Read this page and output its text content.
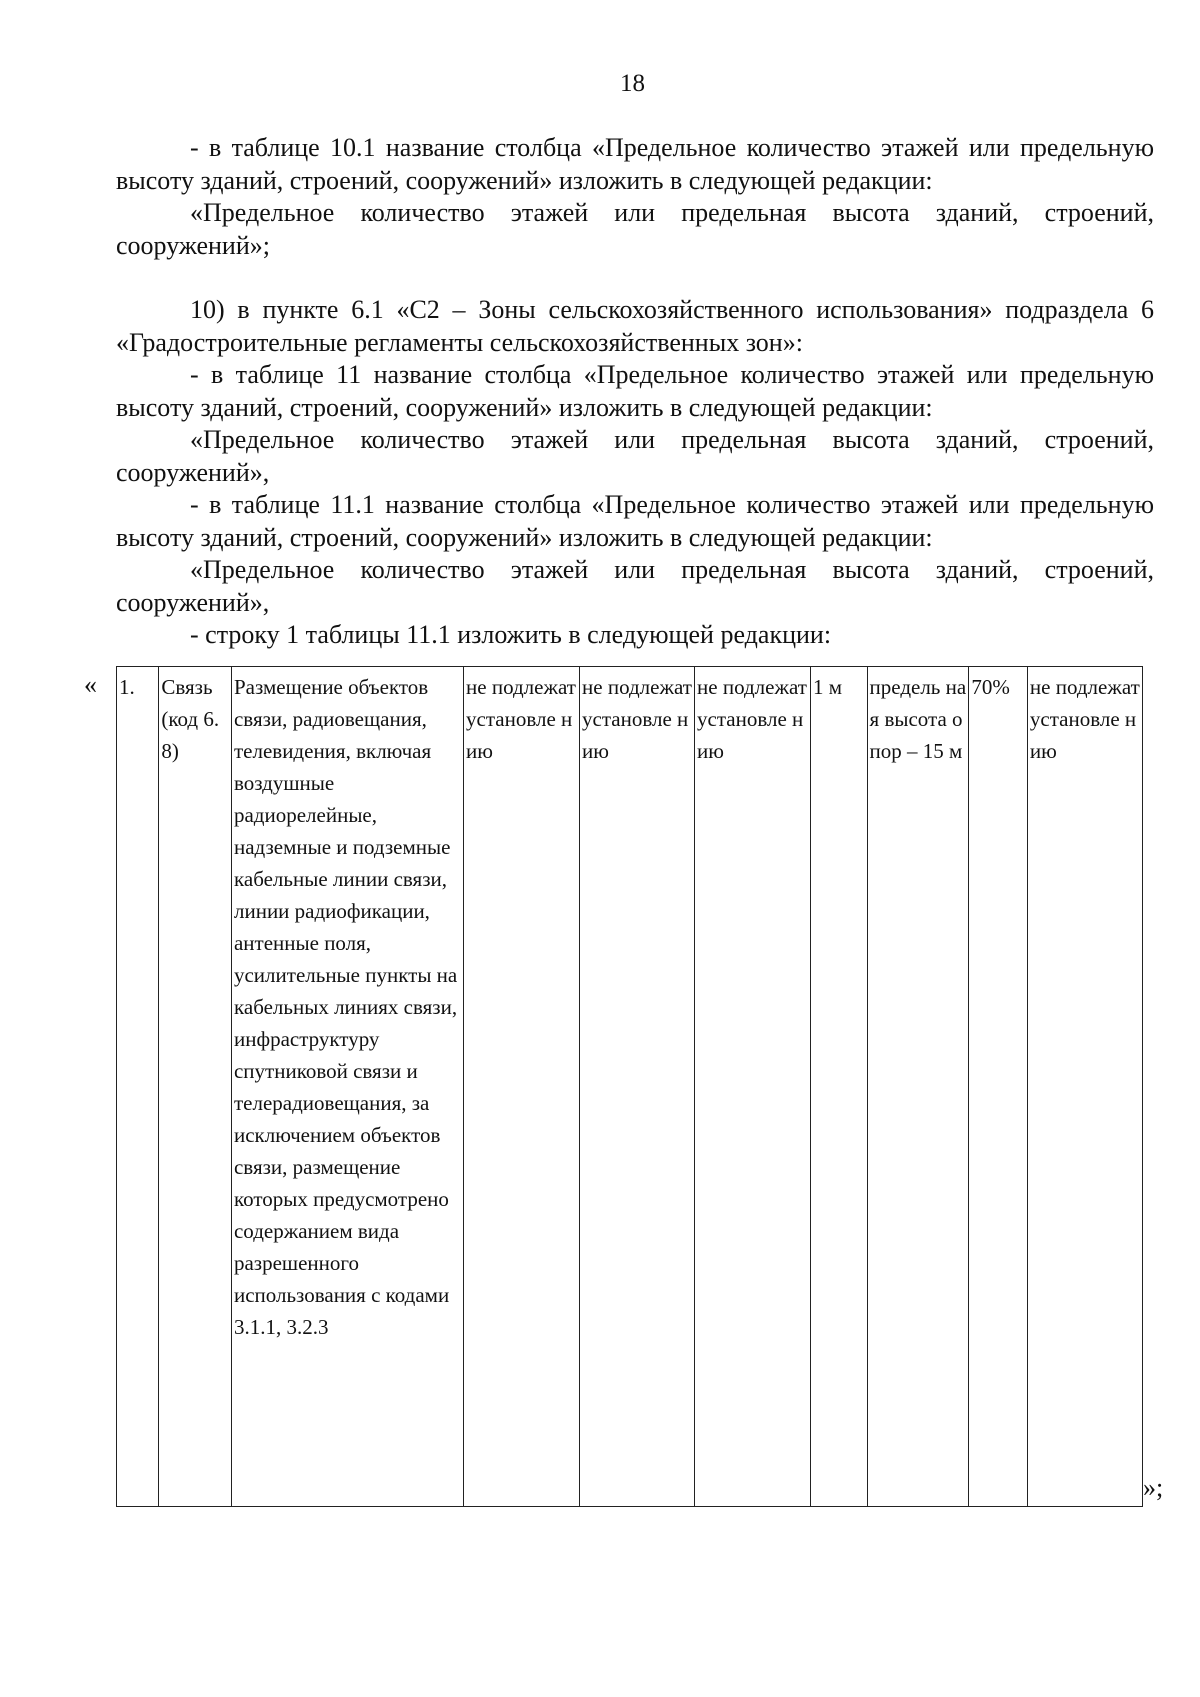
18

- в таблице 10.1 название столбца «Предельное количество этажей или предельную высоту зданий, строений, сооружений» изложить в следующей редакции:

«Предельное количество этажей или предельная высота зданий, строений, сооружений»;

10) в пункте 6.1 «С2 – Зоны сельскохозяйственного использования» подраздела 6 «Градостроительные регламенты сельскохозяйственных зон»:

- в таблице 11 название столбца «Предельное количество этажей или предельную высоту зданий, строений, сооружений» изложить в следующей редакции:

«Предельное количество этажей или предельная высота зданий, строений, сооружений»,

- в таблице 11.1 название столбца «Предельное количество этажей или предельную высоту зданий, строений, сооружений» изложить в следующей редакции:

«Предельное количество этажей или предельная высота зданий, строений, сооружений»,

- строку 1 таблицы 11.1 изложить в следующей редакции:

« 1.	Связь (код 6.8)	Размещение объектов связи, радиовещания, телевидения, включая воздушные радиорелейные, надземные и подземные кабельные линии связи, линии радиофикации, антенные поля, усилительные пункты на кабельных линиях связи, инфраструктуру спутниковой связи и телерадиовещания, за исключением объектов связи, размещение которых предусмотрено содержанием вида разрешенного использования с кодами 3.1.1, 3.2.3	не подлежат установле нию	не подлежат установле нию	не подлежат установле нию	1 м	предель ная высота опор – 15 м	70%	не подлежат установле нию
»;
